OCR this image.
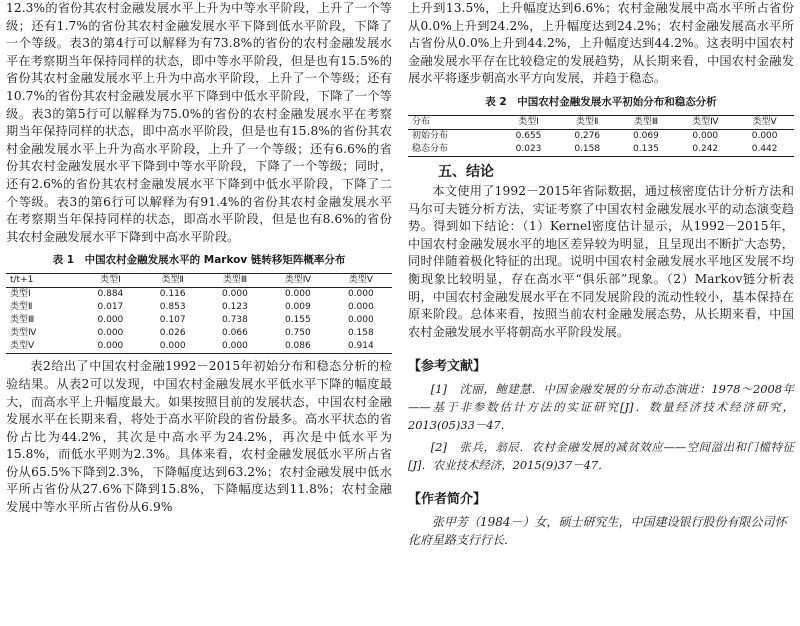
12.3%的省份其农村金融发展水平上升为中等水平阶段，上升了一个等级；还有1.7%的省份其农村金融发展水平下降到低水平阶段，下降了一个等级。表3的第4行可以解释为有73.8%的省份的农村金融发展水平在考察期当年保持同样的状态，即中等水平阶段，但是也有15.5%的省份其农村金融发展水平上升为中高水平阶段，上升了一个等级；还有10.7%的省份其农村金融发展水平下降到中低水平阶段，下降了一个等级。表3的第5行可以解释为75.0%的省份的农村金融发展水平在考察期当年保持同样的状态，即中高水平阶段，但是也有15.8%的省份其农村金融发展水平上升为高水平阶段，上升了一个等级；还有6.6%的省份其农村金融发展水平下降到中等水平阶段，下降了一个等级；同时，还有2.6%的省份其农村金融发展水平下降到中低水平阶段，下降了二个等级。表3的第6行可以解释为有91.4%的省份其农村金融发展水平在考察期当年保持同样的状态，即高水平阶段，但是也有8.6%的省份其农村金融发展水平下降到中高水平阶段。

表 1　中国农村金融发展水平的 Markov 链转移矩阵概率分布
t/t+1	类型Ⅰ	类型Ⅱ	类型Ⅲ	类型Ⅳ	类型Ⅴ
类型Ⅰ	0.884	0.116	0.000	0.000	0.000
类型Ⅱ	0.017	0.853	0.123	0.009	0.000
类型Ⅲ	0.000	0.107	0.738	0.155	0.000
类型Ⅳ	0.000	0.026	0.066	0.750	0.158
类型Ⅴ	0.000	0.000	0.000	0.086	0.914

表2给出了中国农村金融1992－2015年初始分布和稳态分析的检验结果。从表2可以发现，中国农村金融发展水平低水平下降的幅度最大，而高水平上升幅度最大。如果按照目前的发展状态，中国农村金融发展水平在长期来看，将处于高水平阶段的省份最多。高水平状态的省份占比为44.2%，其次是中高水平为24.2%，再次是中低水平为15.8%，而低水平则为2.3%。具体来看，农村金融发展低水平所占省份从65.5%下降到2.3%，下降幅度达到63.2%；农村金融发展中低水平所占省份从27.6%下降到15.8%，下降幅度达到11.8%；农村金融发展中等水平所占省份从6.9%

上升到13.5%，上升幅度达到6.6%；农村金融发展中高水平所占省份从0.0%上升到24.2%，上升幅度达到24.2%；农村金融发展高水平所占省份从0.0%上升到44.2%，上升幅度达到44.2%。这表明中国农村金融发展水平存在比较稳定的发展趋势，从长期来看，中国农村金融发展水平将逐步朝高水平方向发展，并趋于稳态。

表 2　中国农村金融发展水平初始分布和稳态分析
分布	类型Ⅰ	类型Ⅱ	类型Ⅲ	类型Ⅳ	类型Ⅴ
初始分布	0.655	0.276	0.069	0.000	0.000
稳态分布	0.023	0.158	0.135	0.242	0.442
五、结论

本文使用了1992－2015年省际数据，通过核密度估计分析方法和马尔可夫链分析方法，实证考察了中国农村金融发展水平的动态演变趋势。得到如下结论：（1）Kernel密度估计显示，从1992－2015年，中国农村金融发展水平的地区差异较为明显，且呈现出不断扩大态势，同时伴随着极化特征的出现。说明中国农村金融发展水平地区发展不均衡现象比较明显，存在高水平“俱乐部”现象。（2）Markov链分析表明，中国农村金融发展水平在不同发展阶段的流动性较小，基本保持在原来阶段。总体来看，按照当前农村金融发展态势，从长期来看，中国农村金融发展水平将朝高水平阶段发展。

【参考文献】

[1]　沈丽，鲍建慧．中国金融发展的分布动态演进：1978～2008年——基于非参数估计方法的实证研究[J]．数量经济技术经济研究，2013(05)33－47．

[2]　张兵，翁辰．农村金融发展的减贫效应——空间溢出和门槛特征[J]．农业技术经济，2015(9)37－47．

【作者简介】

张甲芳（1984－）女，硕士研究生，中国建设银行股份有限公司怀化府星路支行行长．
